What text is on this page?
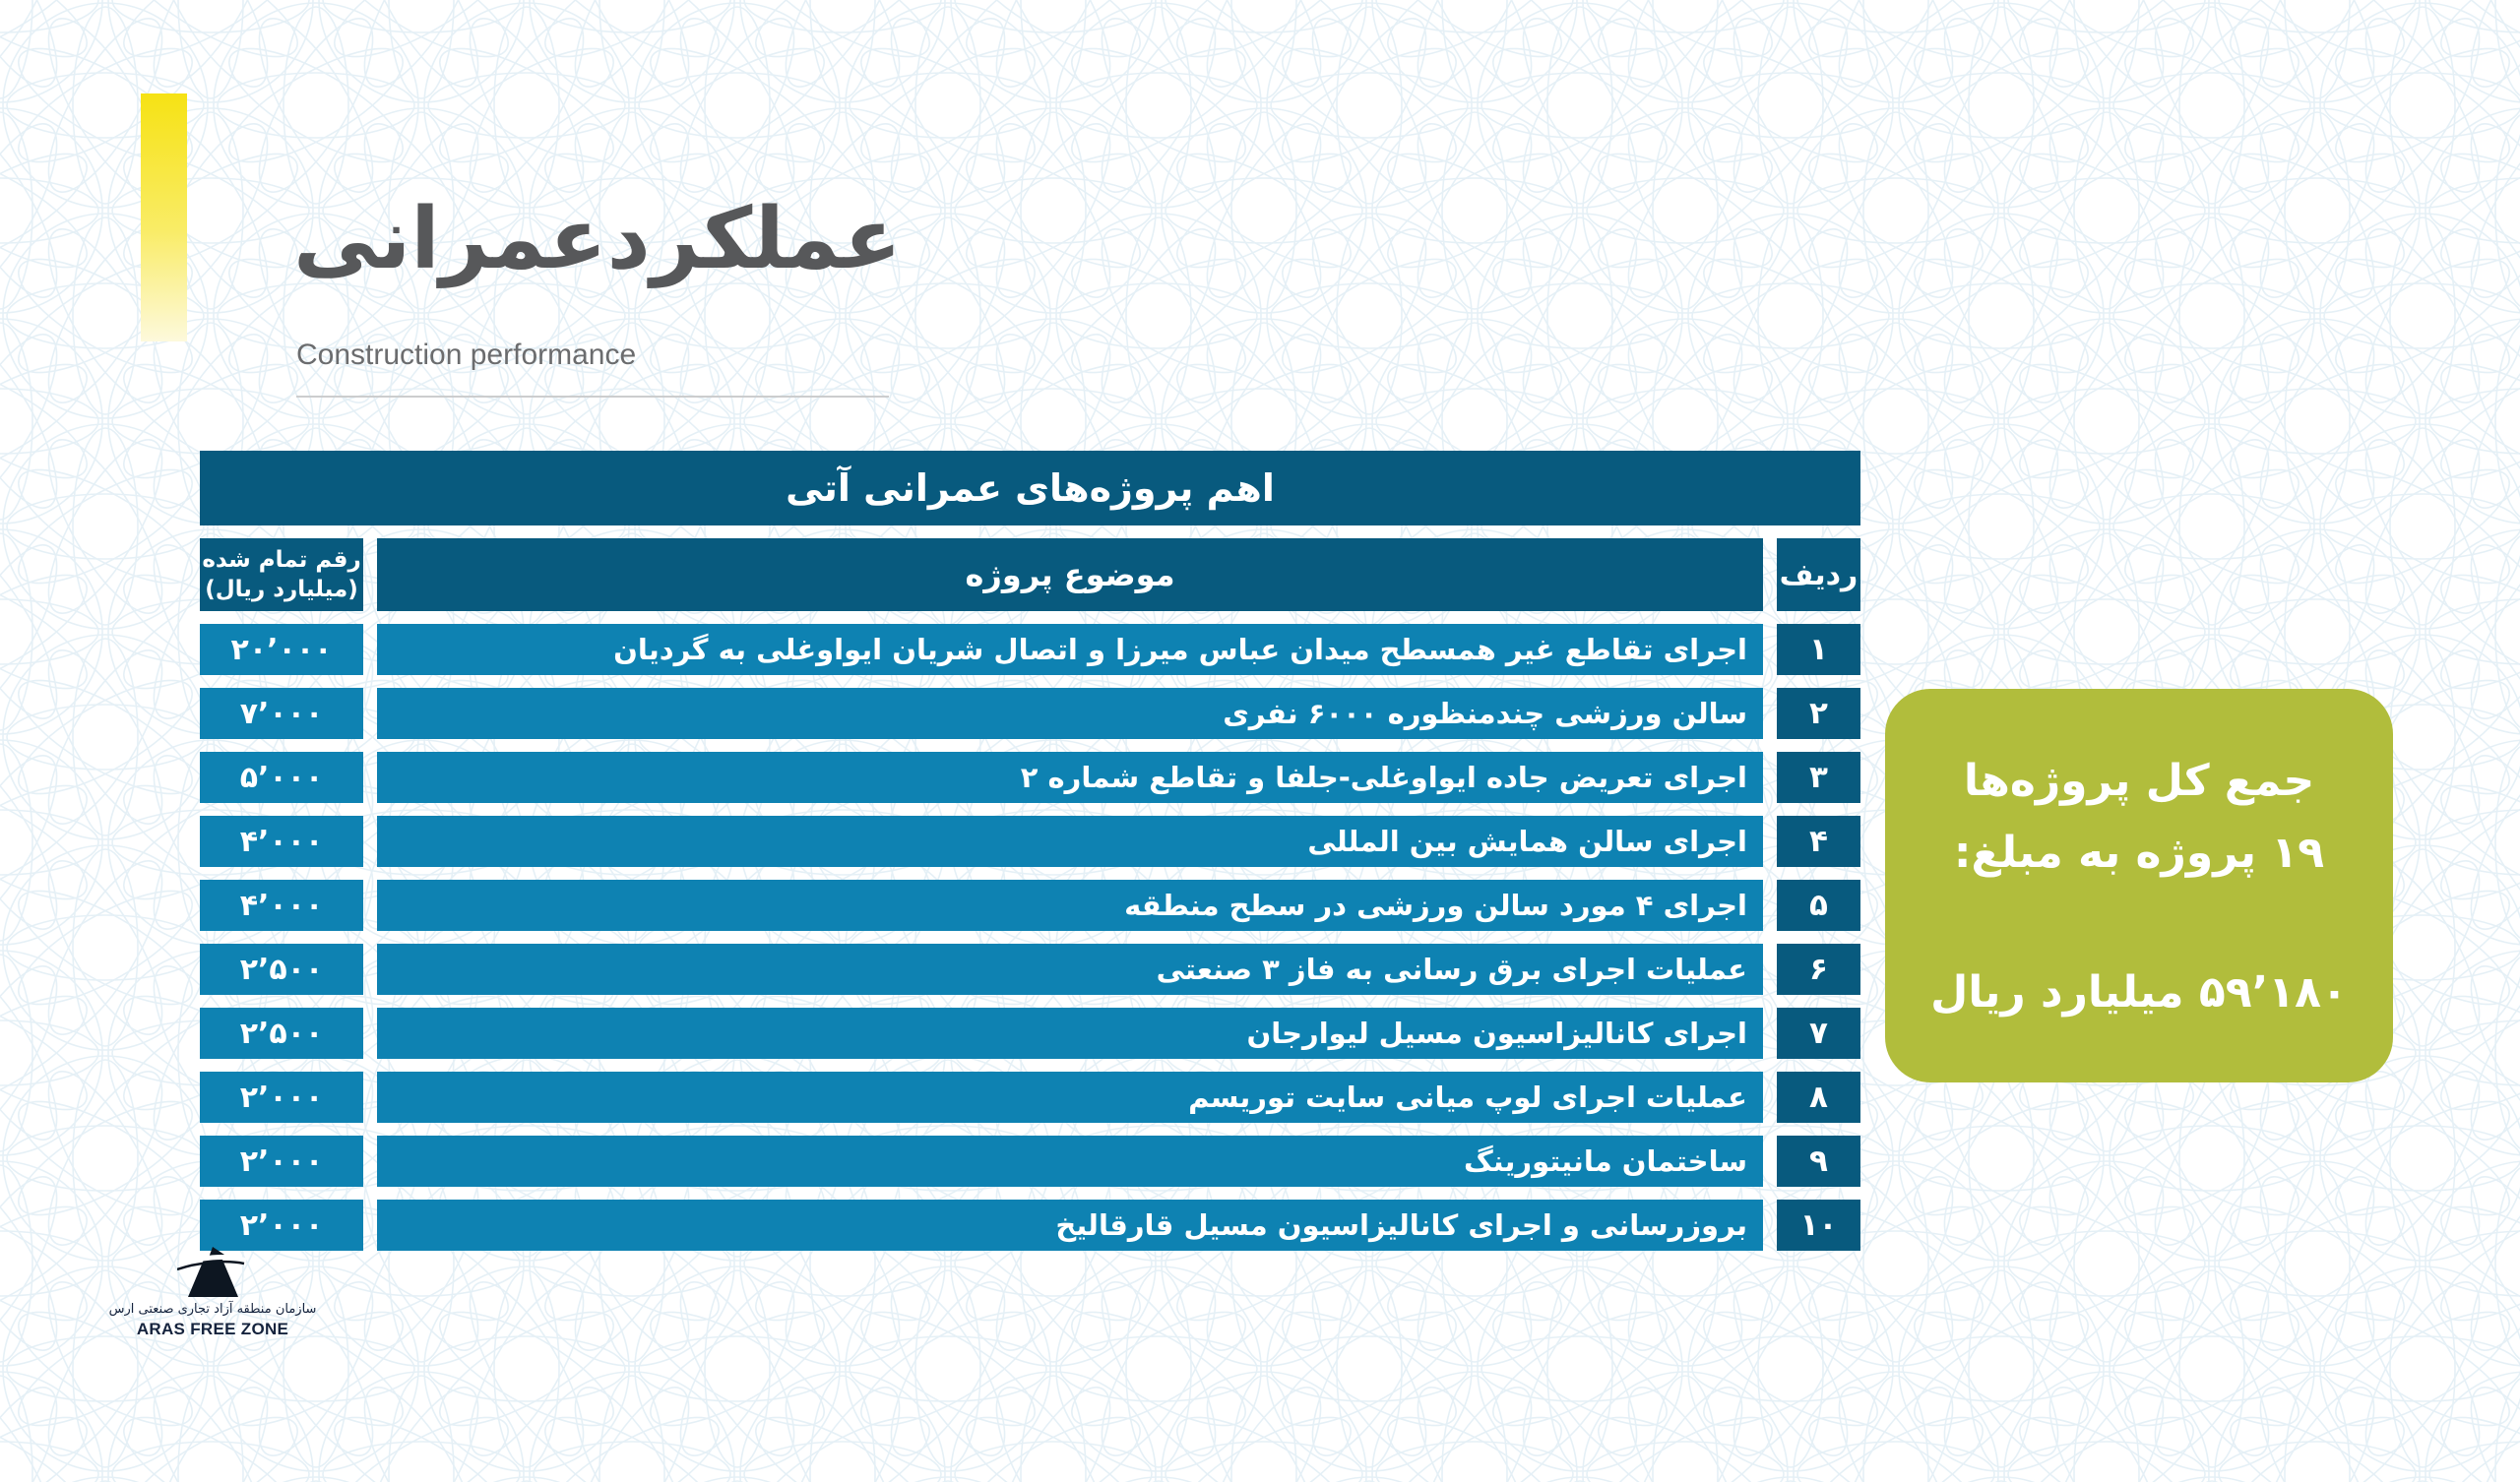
عملکردعمرانی
Construction performance
اهم پروژه‌های عمرانی آتی
رقم تمام شده
(میلیارد ریال)	موضوع پروژه	ردیف
۲۰٬۰۰۰	اجرای تقاطع غیر همسطح میدان عباس میرزا و اتصال شریان ایواوغلی به گردیان	۱
۷٬۰۰۰	سالن ورزشی چندمنظوره ۶۰۰۰ نفری	۲
۵٬۰۰۰	اجرای تعریض جاده ایواوغلی-جلفا و تقاطع شماره ۲	۳
۴٬۰۰۰	اجرای سالن همایش بین المللی	۴
۴٬۰۰۰	اجرای ۴ مورد سالن ورزشی در سطح منطقه	۵
۲٬۵۰۰	عملیات اجرای برق رسانی به فاز ۳ صنعتی	۶
۲٬۵۰۰	اجرای کانالیزاسیون مسیل لیوارجان	۷
۲٬۰۰۰	عملیات اجرای لوپ میانی سایت توریسم	۸
۲٬۰۰۰	ساختمان مانیتورینگ	۹
۲٬۰۰۰	بروزرسانی و اجرای کانالیزاسیون مسیل قارقالیخ	۱۰
جمع کل پروژه‌ها
۱۹ پروژه به مبلغ:
۵۹٬۱۸۰ میلیارد ریال
سازمان منطقه آزاد تجاری صنعتی ارس
ARAS FREE ZONE
